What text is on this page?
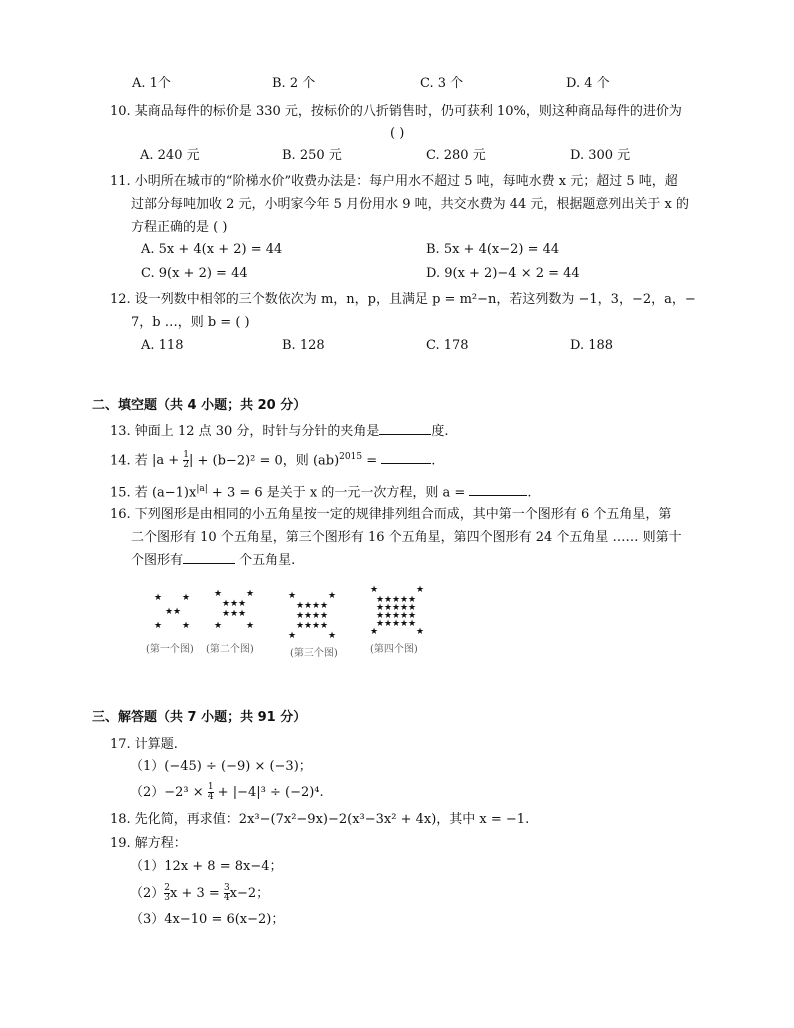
A. 1个	B. 2 个	C. 3 个	D. 4 个
10. 某商品每件的标价是 330 元，按标价的八折销售时，仍可获利 10%，则这种商品每件的进价为
( )
A. 240 元	B. 250 元	C. 280 元	D. 300 元
11. 小明所在城市的“阶梯水价”收费办法是：每户用水不超过 5 吨，每吨水费 x 元；超过 5 吨，超
过部分每吨加收 2 元，小明家今年 5 月份用水 9 吨，共交水费为 44 元，根据题意列出关于 x 的
方程正确的是 ( )
A. 5x + 4(x + 2) = 44	B. 5x + 4(x−2) = 44
C. 9(x + 2) = 44	D. 9(x + 2)−4 × 2 = 44
12. 设一列数中相邻的三个数依次为 m，n，p，且满足 p = m²−n，若这列数为 −1，3，−2，a，−
7，b …，则 b = ( )
A. 118	B. 128	C. 178	D. 188
二、填空题（共 4 小题；共 20 分）
13. 钟面上 12 点 30 分，时针与分针的夹角是	度.
14. 若 $|a + \frac{1}{2}$ | + (b−2)² = 0，则 (ab)$^{2015}$ =	.
15. 若 $(a-1)x^{|a|} + 3 = 6$ 是关于 x 的一元一次方程，则 a =	.
16. 下列图形是由相同的小五角星按一定的规律排列组合而成，其中第一个图形有 6 个五角星，第
二个图形有 10 个五角星，第三个图形有 16 个五角星，第四个图形有 24 个五角星 …… 则第十
个图形有	个五角星.
★ ★
★ ★
★ ★
(第一个图)
★	★
★ ★ ★
★ ★ ★
★	★
(第二个图)
★	★
★ ★ ★ ★
★ ★ ★ ★
★ ★ ★ ★
★	★
(第三个图)
★	★
★ ★ ★ ★ ★
★ ★ ★ ★ ★
★ ★ ★ ★ ★
★ ★ ★ ★ ★
★	★
(第四个图)
三、解答题（共 7 小题；共 91 分）
17. 计算题.
（1）(−45) ÷ (−9) × (−3)；
$(2)-2^3 \times \frac{1}{4} + |-4|^3 \div (-2)^4$.
18. 先化简，再求值：2x³−(7x²−9x)−2(x³−3x² + 4x)，其中 x = −1.
19. 解方程：
（1）12x + 8 = 8x−4；
$(2) \frac{2}{3}$ $x + 3 = \frac{3}{4} x-2$；
（3）4x−10 = 6(x−2)；
